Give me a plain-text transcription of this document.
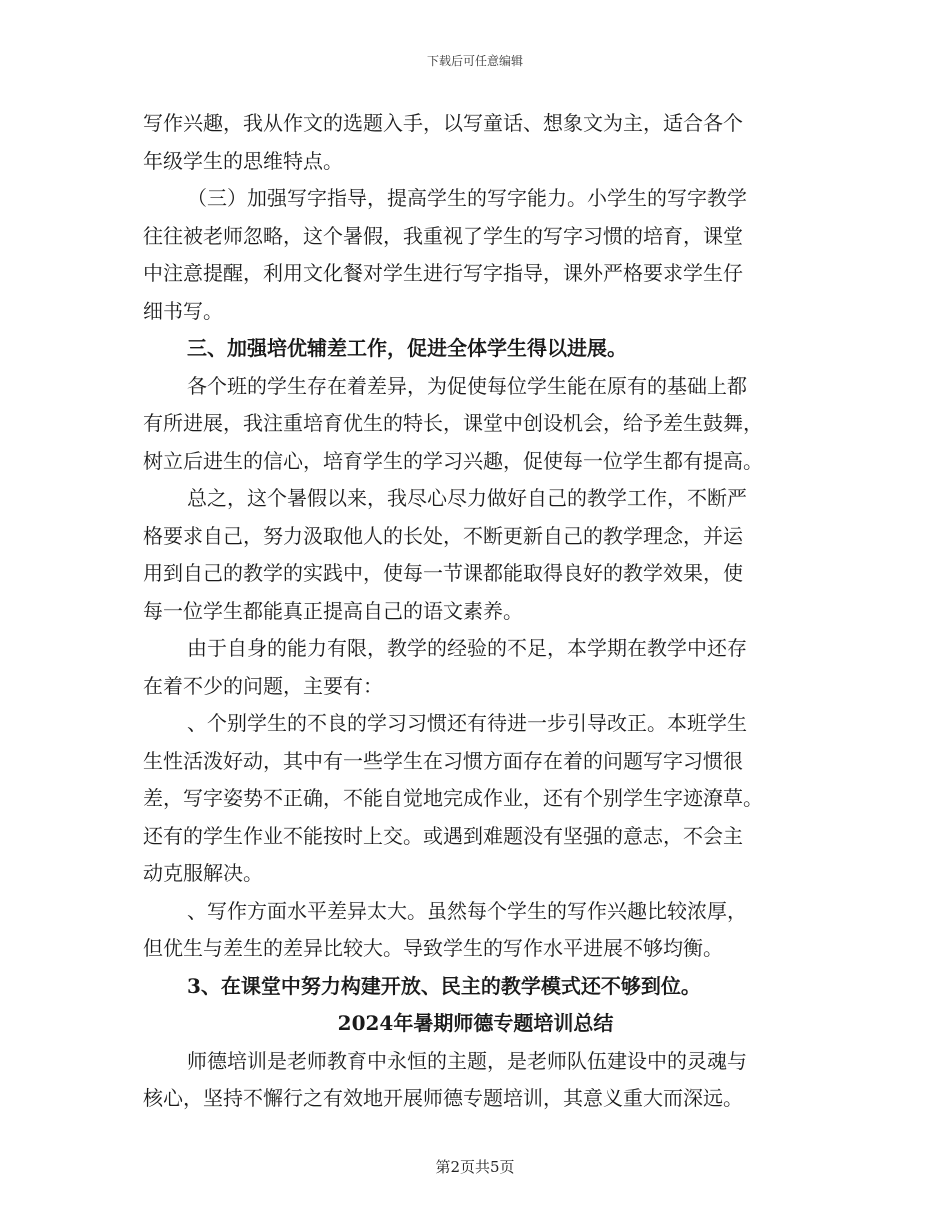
下载后可任意编辑
写作兴趣，我从作文的选题入手，以写童话、想象文为主，适合各个
年级学生的思维特点。
（三）加强写字指导，提高学生的写字能力。小学生的写字教学
往往被老师忽略，这个暑假，我重视了学生的写字习惯的培育，课堂
中注意提醒，利用文化餐对学生进行写字指导，课外严格要求学生仔
细书写。
三、加强培优辅差工作，促进全体学生得以进展。
各个班的学生存在着差异，为促使每位学生能在原有的基础上都
有所进展，我注重培育优生的特长，课堂中创设机会，给予差生鼓舞，
树立后进生的信心，培育学生的学习兴趣，促使每一位学生都有提高。
总之，这个暑假以来，我尽心尽力做好自己的教学工作，不断严
格要求自己，努力汲取他人的长处，不断更新自己的教学理念，并运
用到自己的教学的实践中，使每一节课都能取得良好的教学效果，使
每一位学生都能真正提高自己的语文素养。
由于自身的能力有限，教学的经验的不足，本学期在教学中还存
在着不少的问题，主要有：
、个别学生的不良的学习习惯还有待进一步引导改正。本班学生
生性活泼好动，其中有一些学生在习惯方面存在着的问题写字习惯很
差，写字姿势不正确，不能自觉地完成作业，还有个别学生字迹潦草。
还有的学生作业不能按时上交。或遇到难题没有坚强的意志，不会主
动克服解决。
、写作方面水平差异太大。虽然每个学生的写作兴趣比较浓厚，
但优生与差生的差异比较大。导致学生的写作水平进展不够均衡。
3、在课堂中努力构建开放、民主的教学模式还不够到位。
2024年暑期师德专题培训总结
师德培训是老师教育中永恒的主题，是老师队伍建设中的灵魂与
核心，坚持不懈行之有效地开展师德专题培训，其意义重大而深远。
第2页共5页
